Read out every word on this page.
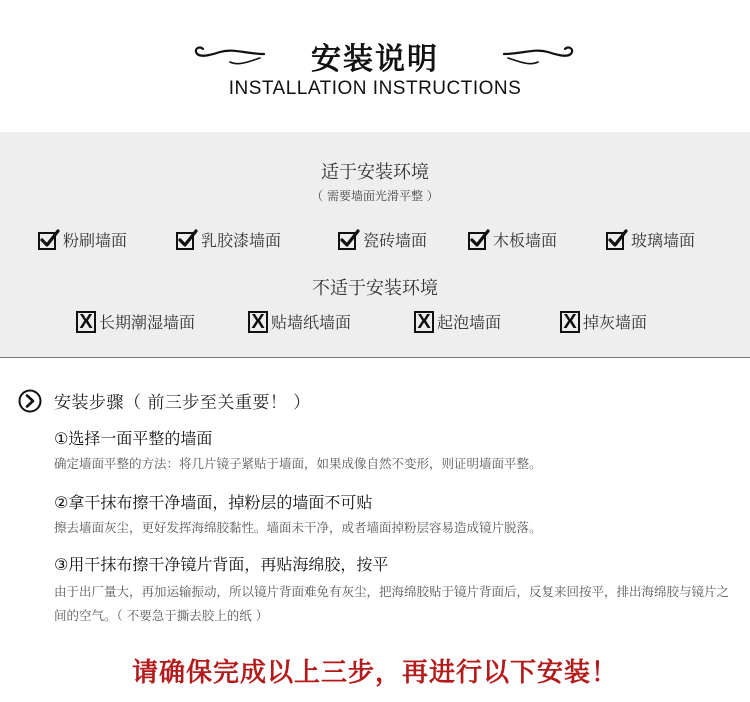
安装说明
INSTALLATION INSTRUCTIONS
适于安装环境
（ 需要墙面光滑平整 ）
粉刷墙面	乳胶漆墙面	瓷砖墙面	木板墙面	玻璃墙面
不适于安装环境
X 长期潮湿墙面	X 贴墙纸墙面	X 起泡墙面	X 掉灰墙面
安装步骤（ 前三步至关重要！ ）
①选择一面平整的墙面
确定墙面平整的方法：将几片镜子紧贴于墙面，如果成像自然不变形，则证明墙面平整。
②拿干抹布擦干净墙面，掉粉层的墙面不可贴
擦去墙面灰尘，更好发挥海绵胶黏性。墙面未干净，或者墙面掉粉层容易造成镜片脱落。
③用干抹布擦干净镜片背面，再贴海绵胶，按平
由于出厂量大，再加运输振动，所以镜片背面难免有灰尘，把海绵胶贴于镜片背面后，反复来回按平，排出海绵胶与镜片之间的空气。（ 不要急于撕去胶上的纸 ）
请确保完成以上三步，再进行以下安装！
